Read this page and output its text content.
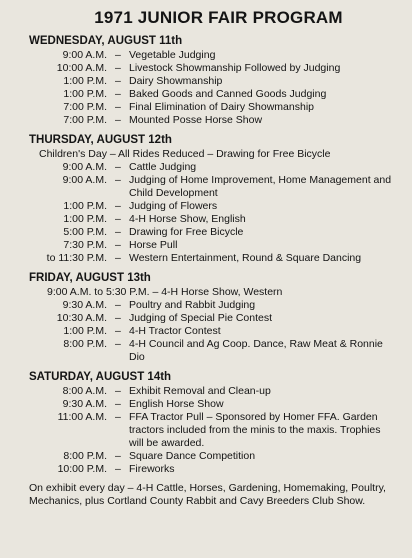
1971 JUNIOR FAIR PROGRAM
WEDNESDAY, AUGUST 11th
9:00 A.M. – Vegetable Judging
10:00 A.M. – Livestock Showmanship Followed by Judging
1:00 P.M. – Dairy Showmanship
1:00 P.M. – Baked Goods and Canned Goods Judging
7:00 P.M. – Final Elimination of Dairy Showmanship
7:00 P.M. – Mounted Posse Horse Show
THURSDAY, AUGUST 12th
Children's Day – All Rides Reduced – Drawing for Free Bicycle
9:00 A.M. – Cattle Judging
9:00 A.M. – Judging of Home Improvement, Home Management and Child Development
1:00 P.M. – Judging of Flowers
1:00 P.M. – 4-H Horse Show, English
5:00 P.M. – Drawing for Free Bicycle
7:30 P.M. – Horse Pull
to 11:30 P.M. – Western Entertainment, Round & Square Dancing
FRIDAY, AUGUST 13th
9:00 A.M. to 5:30 P.M. – 4-H Horse Show, Western
9:30 A.M. – Poultry and Rabbit Judging
10:30 A.M. – Judging of Special Pie Contest
1:00 P.M. – 4-H Tractor Contest
8:00 P.M. – 4-H Council and Ag Coop. Dance, Raw Meat & Ronnie Dio
SATURDAY, AUGUST 14th
8:00 A.M. – Exhibit Removal and Clean-up
9:30 A.M. – English Horse Show
11:00 A.M. – FFA Tractor Pull – Sponsored by Homer FFA. Garden tractors included from the minis to the maxis. Trophies will be awarded.
8:00 P.M. – Square Dance Competition
10:00 P.M. – Fireworks
On exhibit every day – 4-H Cattle, Horses, Gardening, Homemaking, Poultry, Mechanics, plus Cortland County Rabbit and Cavy Breeders Club Show.
